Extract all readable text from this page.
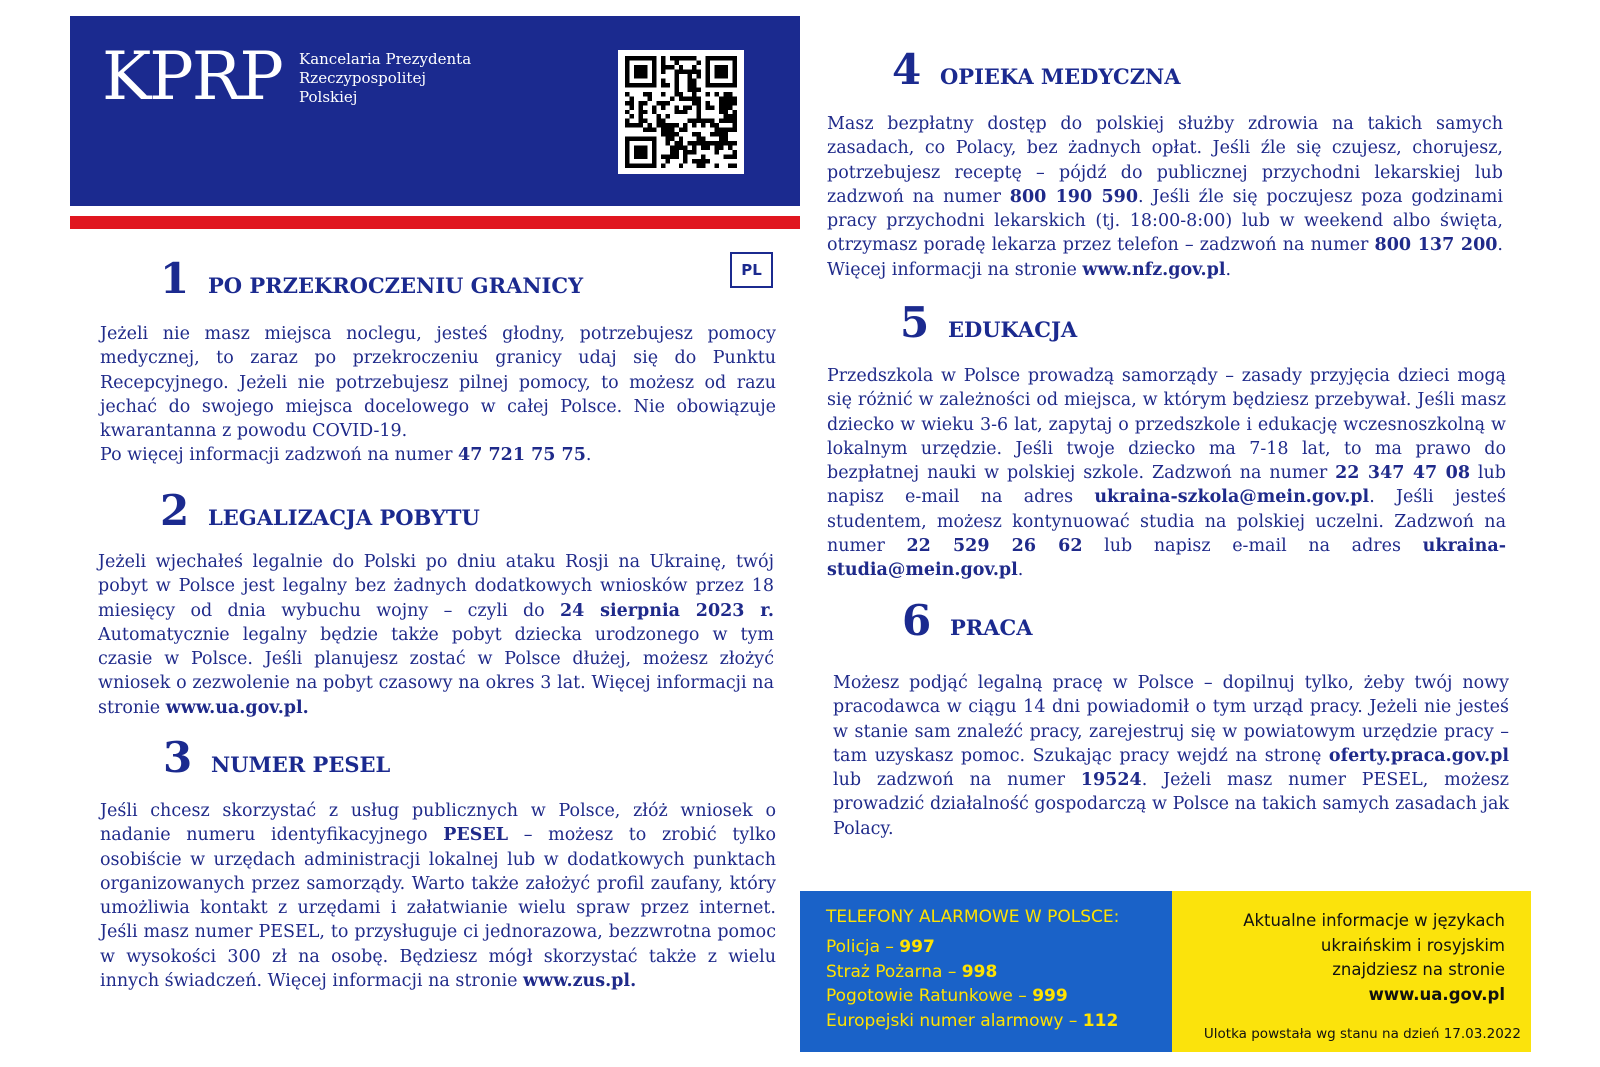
KPRP Kancelaria Prezydenta
Rzeczypospolitej
Polskiej
PL
1 PO PRZEKROCZENIU GRANICY

Jeżeli nie masz miejsca noclegu, jesteś głodny, potrzebujesz pomocy medycznej, to zaraz po przekroczeniu granicy udaj się do Punktu Recepcyjnego. Jeżeli nie potrzebujesz pilnej pomocy, to możesz od razu jechać do swojego miejsca docelowego w całej Polsce. Nie obowiązuje kwarantanna z powodu COVID-19.

Po więcej informacji zadzwoń na numer 47 721 75 75.

2 LEGALIZACJA POBYTU

Jeżeli wjechałeś legalnie do Polski po dniu ataku Rosji na Ukrainę, twój pobyt w Polsce jest legalny bez żadnych dodatkowych wniosków przez 18 miesięcy od dnia wybuchu wojny – czyli do 24 sierpnia 2023 r. Automatycznie legalny będzie także pobyt dziecka urodzonego w tym czasie w Polsce. Jeśli planujesz zostać w Polsce dłużej, możesz złożyć wniosek o zezwolenie na pobyt czasowy na okres 3 lat. Więcej informacji na stronie www.ua.gov.pl.

3 NUMER PESEL

Jeśli chcesz skorzystać z usług publicznych w Polsce, złóż wniosek o nadanie numeru identyfikacyjnego PESEL – możesz to zrobić tylko osobiście w urzędach administracji lokalnej lub w dodatkowych punktach organizowanych przez samorządy. Warto także założyć profil zaufany, który umożliwia kontakt z urzędami i załatwianie wielu spraw przez internet. Jeśli masz numer PESEL, to przysługuje ci jednorazowa, bezzwrotna pomoc w wysokości 300 zł na osobę. Będziesz mógł skorzystać także z wielu innych świadczeń. Więcej informacji na stronie www.zus.pl.

4 OPIEKA MEDYCZNA

Masz bezpłatny dostęp do polskiej służby zdrowia na takich samych zasadach, co Polacy, bez żadnych opłat. Jeśli źle się czujesz, chorujesz, potrzebujesz receptę – pójdź do publicznej przychodni lekarskiej lub zadzwoń na numer 800 190 590. Jeśli źle się poczujesz poza godzinami pracy przychodni lekarskich (tj. 18:00-8:00) lub w weekend albo święta, otrzymasz poradę lekarza przez telefon – zadzwoń na numer 800 137 200. Więcej informacji na stronie www.nfz.gov.pl.

5 EDUKACJA

Przedszkola w Polsce prowadzą samorządy – zasady przyjęcia dzieci mogą się różnić w zależności od miejsca, w którym będziesz przebywał. Jeśli masz dziecko w wieku 3-6 lat, zapytaj o przedszkole i edukację wczesnoszkolną w lokalnym urzędzie. Jeśli twoje dziecko ma 7-18 lat, to ma prawo do bezpłatnej nauki w polskiej szkole. Zadzwoń na numer 22 347 47 08 lub napisz e-mail na adres ukraina-szkola@mein.gov.pl. Jeśli jesteś studentem, możesz kontynuować studia na polskiej uczelni. Zadzwoń na numer 22 529 26 62 lub napisz e-mail na adres ukraina-studia@mein.gov.pl.

6 PRACA

Możesz podjąć legalną pracę w Polsce – dopilnuj tylko, żeby twój nowy pracodawca w ciągu 14 dni powiadomił o tym urząd pracy. Jeżeli nie jesteś w stanie sam znaleźć pracy, zarejestruj się w powiatowym urzędzie pracy – tam uzyskasz pomoc. Szukając pracy wejdź na stronę oferty.praca.gov.pl lub zadzwoń na numer 19524. Jeżeli masz numer PESEL, możesz prowadzić działalność gospodarczą w Polsce na takich samych zasadach jak Polacy.

TELEFONY ALARMOWE W POLSCE:
Policja – 997
Straż Pożarna – 998
Pogotowie Ratunkowe – 999
Europejski numer alarmowy – 112
Aktualne informacje w językach
ukraińskim i rosyjskim
znajdziesz na stronie
www.ua.gov.pl
Ulotka powstała wg stanu na dzień 17.03.2022
